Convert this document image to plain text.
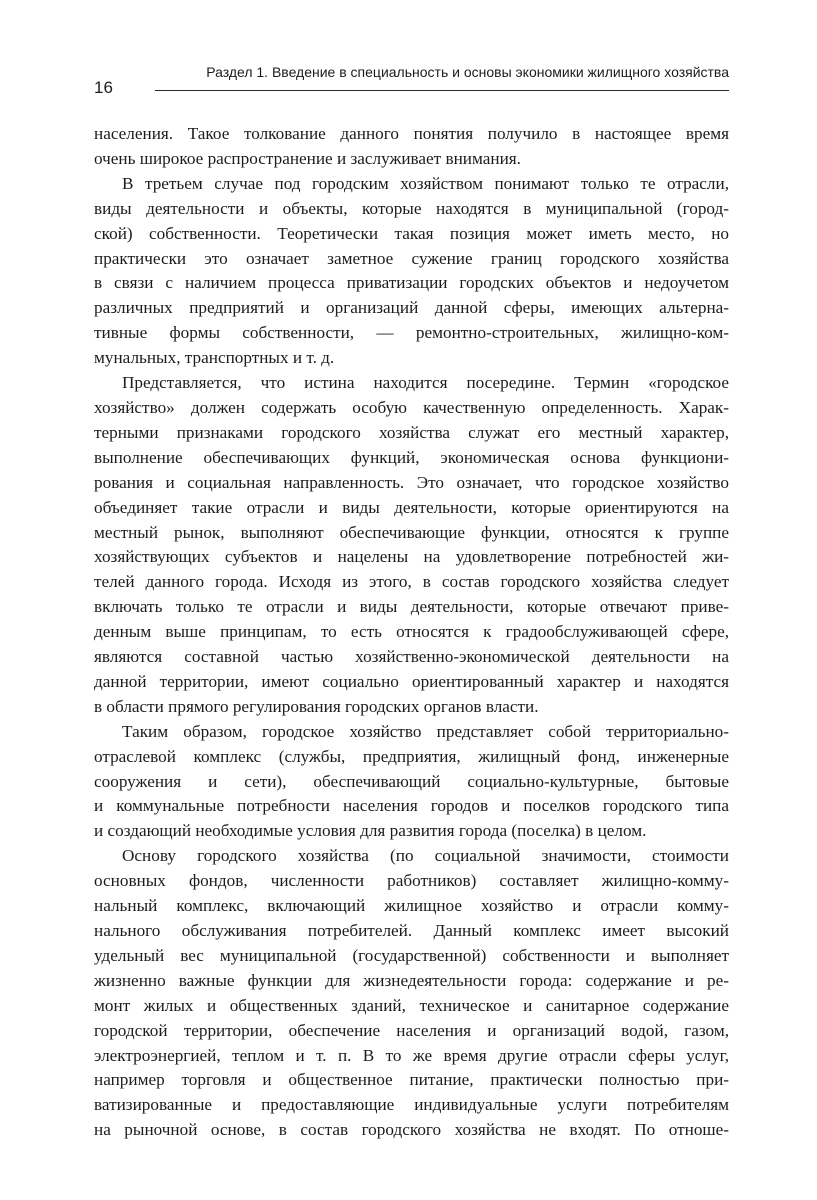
16
Раздел 1. Введение в специальность и основы экономики жилищного хозяйства

населения. Такое толкование данного понятия получило в настоящее время

очень широкое распространение и заслуживает внимания.

В третьем случае под городским хозяйством понимают только те отрасли,

виды деятельности и объекты, которые находятся в муниципальной (город-

ской) собственности. Теоретически такая позиция может иметь место, но

практически это означает заметное сужение границ городского хозяйства

в связи с наличием процесса приватизации городских объектов и недоучетом

различных предприятий и организаций данной сферы, имеющих альтерна-

тивные формы собственности, — ремонтно-строительных, жилищно-ком-

мунальных, транспортных и т. д.

Представляется, что истина находится посередине. Термин «городское

хозяйство» должен содержать особую качественную определенность. Харак-

терными признаками городского хозяйства служат его местный характер,

выполнение обеспечивающих функций, экономическая основа функциони-

рования и социальная направленность. Это означает, что городское хозяйство

объединяет такие отрасли и виды деятельности, которые ориентируются на

местный рынок, выполняют обеспечивающие функции, относятся к группе

хозяйствующих субъектов и нацелены на удовлетворение потребностей жи-

телей данного города. Исходя из этого, в состав городского хозяйства следует

включать только те отрасли и виды деятельности, которые отвечают приве-

денным выше принципам, то есть относятся к градообслуживающей сфере,

являются составной частью хозяйственно-экономической деятельности на

данной территории, имеют социально ориентированный характер и находятся

в области прямого регулирования городских органов власти.

Таким образом, городское хозяйство представляет собой территориально-

отраслевой комплекс (службы, предприятия, жилищный фонд, инженерные

сооружения и сети), обеспечивающий социально-культурные, бытовые

и коммунальные потребности населения городов и поселков городского типа

и создающий необходимые условия для развития города (поселка) в целом.

Основу городского хозяйства (по социальной значимости, стоимости

основных фондов, численности работников) составляет жилищно-комму-

нальный комплекс, включающий жилищное хозяйство и отрасли комму-

нального обслуживания потребителей. Данный комплекс имеет высокий

удельный вес муниципальной (государственной) собственности и выполняет

жизненно важные функции для жизнедеятельности города: содержание и ре-

монт жилых и общественных зданий, техническое и санитарное содержание

городской территории, обеспечение населения и организаций водой, газом,

электроэнергией, теплом и т. п. В то же время другие отрасли сферы услуг,

например торговля и общественное питание, практически полностью при-

ватизированные и предоставляющие индивидуальные услуги потребителям

на рыночной основе, в состав городского хозяйства не входят. По отноше-
